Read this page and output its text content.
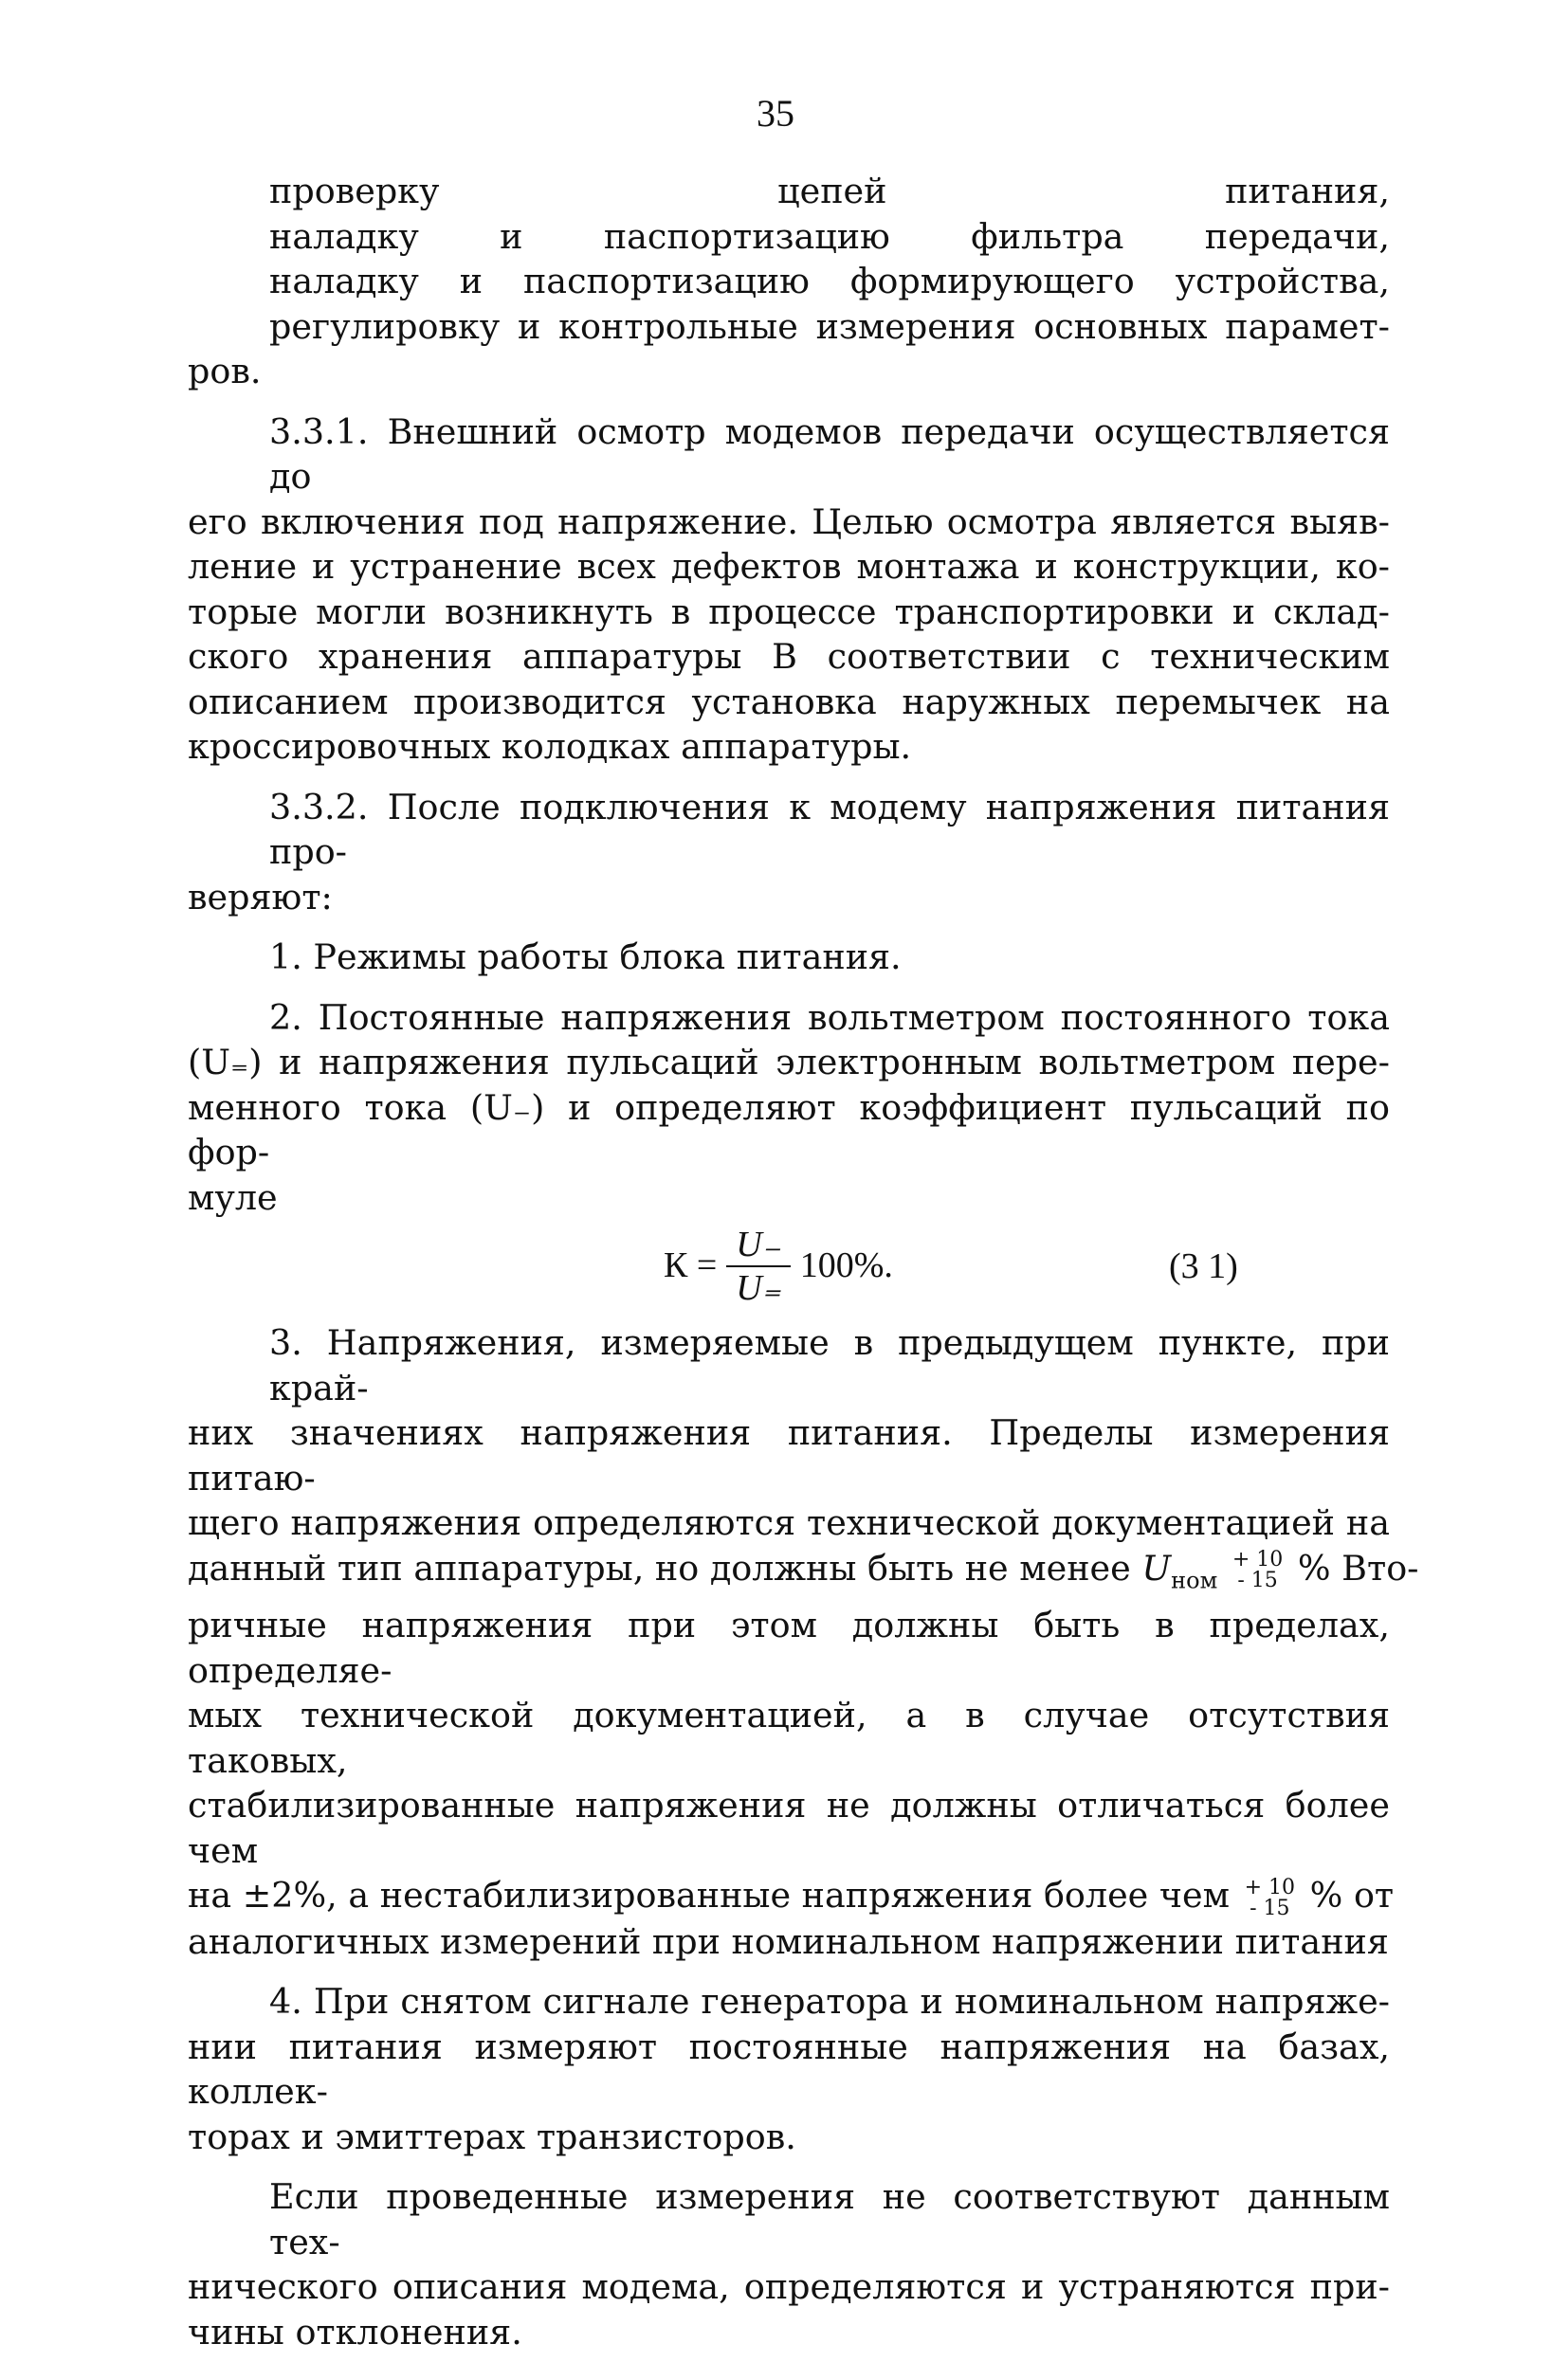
35
проверку цепей питания,
наладку и паспортизацию фильтра передачи,
наладку и паспортизацию формирующего устройства,
регулировку и контрольные измерения основных парамет-
ров.
3.3.1. Внешний осмотр модемов передачи осуществляется до
его включения под напряжение. Целью осмотра является выяв-
ление и устранение всех дефектов монтажа и конструкции, ко-
торые могли возникнуть в процессе транспортировки и склад-
ского хранения аппаратуры В соответствии с техническим
описанием производится установка наружных перемычек на
кроссировочных колодках аппаратуры.
3.3.2. После подключения к модему напряжения питания про-
веряют:
1. Режимы работы блока питания.
2. Постоянные напряжения вольтметром постоянного тока
(U₌) и напряжения пульсаций электронным вольтметром пере-
менного тока (U₋) и определяют коэффициент пульсаций по фор-
муле
$К = \frac{U_-}{U_=} 100\%$.	(3 1)
3. Напряжения, измеряемые в предыдущем пункте, при край-
них значениях напряжения питания. Пределы измерения питаю-
щего напряжения определяются технической документацией на
данный тип аппаратуры, но должны быть не менее $U_{ном}$
+ 10
- 15 % Вто-
ричные напряжения при этом должны быть в пределах, определяе-
мых технической документацией, а в случае отсутствия таковых,
стабилизированные напряжения не должны отличаться более чем
на ±2%, а нестабилизированные напряжения более чем + 10
- 15 % от
аналогичных измерений при номинальном напряжении питания
4. При снятом сигнале генератора и номинальном напряже-
нии питания измеряют постоянные напряжения на базах, коллек-
торах и эмиттерах транзисторов.
Если проведенные измерения не соответствуют данным тех-
нического описания модема, определяются и устраняются при-
чины отклонения.
